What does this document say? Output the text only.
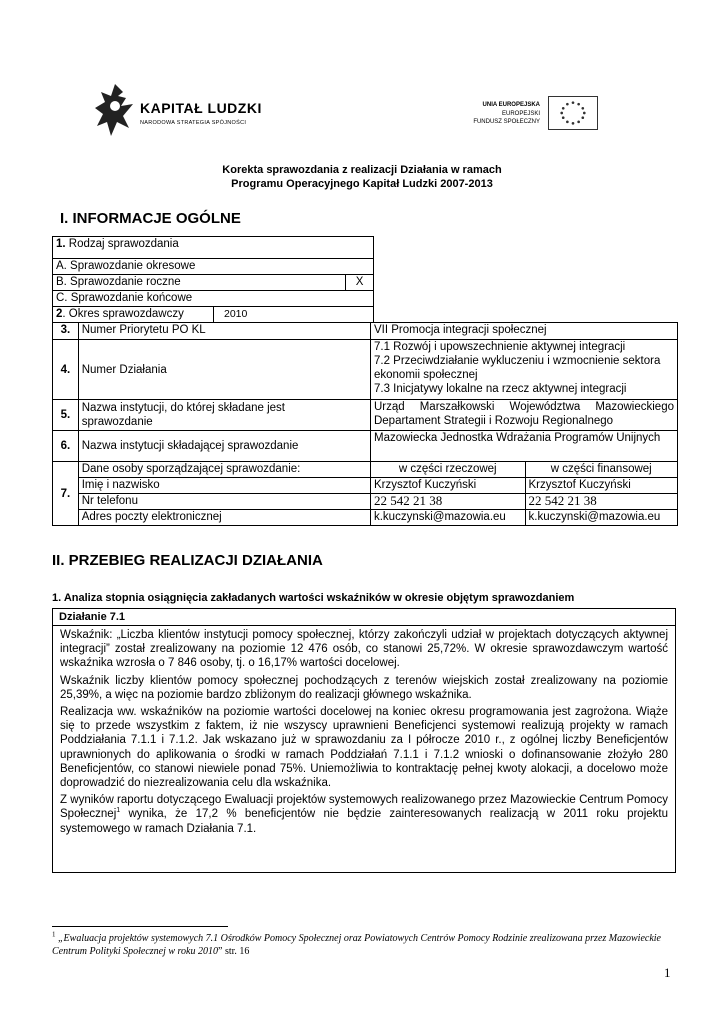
KAPITAŁ LUDZKI
NARODOWA STRATEGIA SPÓJNOŚCI
UNIA EUROPEJSKA
EUROPEJSKI
FUNDUSZ SPOŁECZNY
Korekta sprawozdania z realizacji Działania w ramach
Programu Operacyjnego Kapitał Ludzki 2007-2013
I. INFORMACJE OGÓLNE
1. Rodzaj sprawozdania
A. Sprawozdanie okresowe
B. Sprawozdanie roczne	X
C. Sprawozdanie końcowe
2. Okres sprawozdawczy	2010
3.	Numer Priorytetu PO KL	VII Promocja integracji społecznej	
4.	Numer Działania	7.1 Rozwój i upowszechnienie aktywnej integracji
7.2 Przeciwdziałanie wykluczeniu i wzmocnienie sektora ekonomii społecznej
7.3 Inicjatywy lokalne na rzecz aktywnej integracji	

5.	Nazwa instytucji, do której składane jest sprawozdanie	Urząd Marszałkowski Województwa Mazowieckiego Departament Strategii i Rozwoju Regionalnego	
6.	Nazwa instytucji składającej sprawozdanie	Mazowiecka Jednostka Wdrażania Programów Unijnych	
7.	Dane osoby sporządzającej sprawozdanie:	w części rzeczowej	w części finansowej
	Imię i nazwisko	Krzysztof Kuczyński	Krzysztof Kuczyński
	Nr telefonu	22 542 21 38	22 542 21 38
	Adres poczty elektronicznej	k.kuczynski@mazowia.eu	k.kuczynski@mazowia.eu
II. PRZEBIEG REALIZACJI DZIAŁANIA
1. Analiza stopnia osiągnięcia zakładanych wartości wskaźników w okresie objętym sprawozdaniem
Działanie 7.1

Wskaźnik: „Liczba klientów instytucji pomocy społecznej, którzy zakończyli udział w projektach dotyczących aktywnej integracji” został zrealizowany na poziomie 12 476 osób, co stanowi 25,72%. W okresie sprawozdawczym wartość wskaźnika wzrosła o 7 846 osoby, tj. o 16,17% wartości docelowej.

Wskaźnik liczby klientów pomocy społecznej pochodzących z terenów wiejskich został zrealizowany na poziomie 25,39%, a więc na poziomie bardzo zbliżonym do realizacji głównego wskaźnika.

Realizacja ww. wskaźników na poziomie wartości docelowej na koniec okresu programowania jest zagrożona. Wiąże się to przede wszystkim z faktem, iż nie wszyscy uprawnieni Beneficjenci systemowi realizują projekty w ramach Poddziałania 7.1.1 i 7.1.2. Jak wskazano już w sprawozdaniu za I półrocze 2010 r., z ogólnej liczby Beneficjentów uprawnionych do aplikowania o środki w ramach Poddziałań 7.1.1 i 7.1.2 wnioski o dofinansowanie złożyło 280 Beneficjentów, co stanowi niewiele ponad 75%. Uniemożliwia to kontraktację pełnej kwoty alokacji, a docelowo może doprowadzić do niezrealizowania celu dla wskaźnika.

Z wyników raportu dotyczącego Ewaluacji projektów systemowych realizowanego przez Mazowieckie Centrum Pomocy Społecznej$^1$ wynika, że 17,2 % beneficjentów nie będzie zainteresowanych realizacją w 2011 roku projektu systemowego w ramach Działania 7.1.

$^1$ „Ewaluacja projektów systemowych 7.1 Ośrodków Pomocy Społecznej oraz Powiatowych Centrów Pomocy Rodzinie zrealizowana przez Mazowieckie Centrum Polityki Społecznej w roku 2010” str. 16
1
